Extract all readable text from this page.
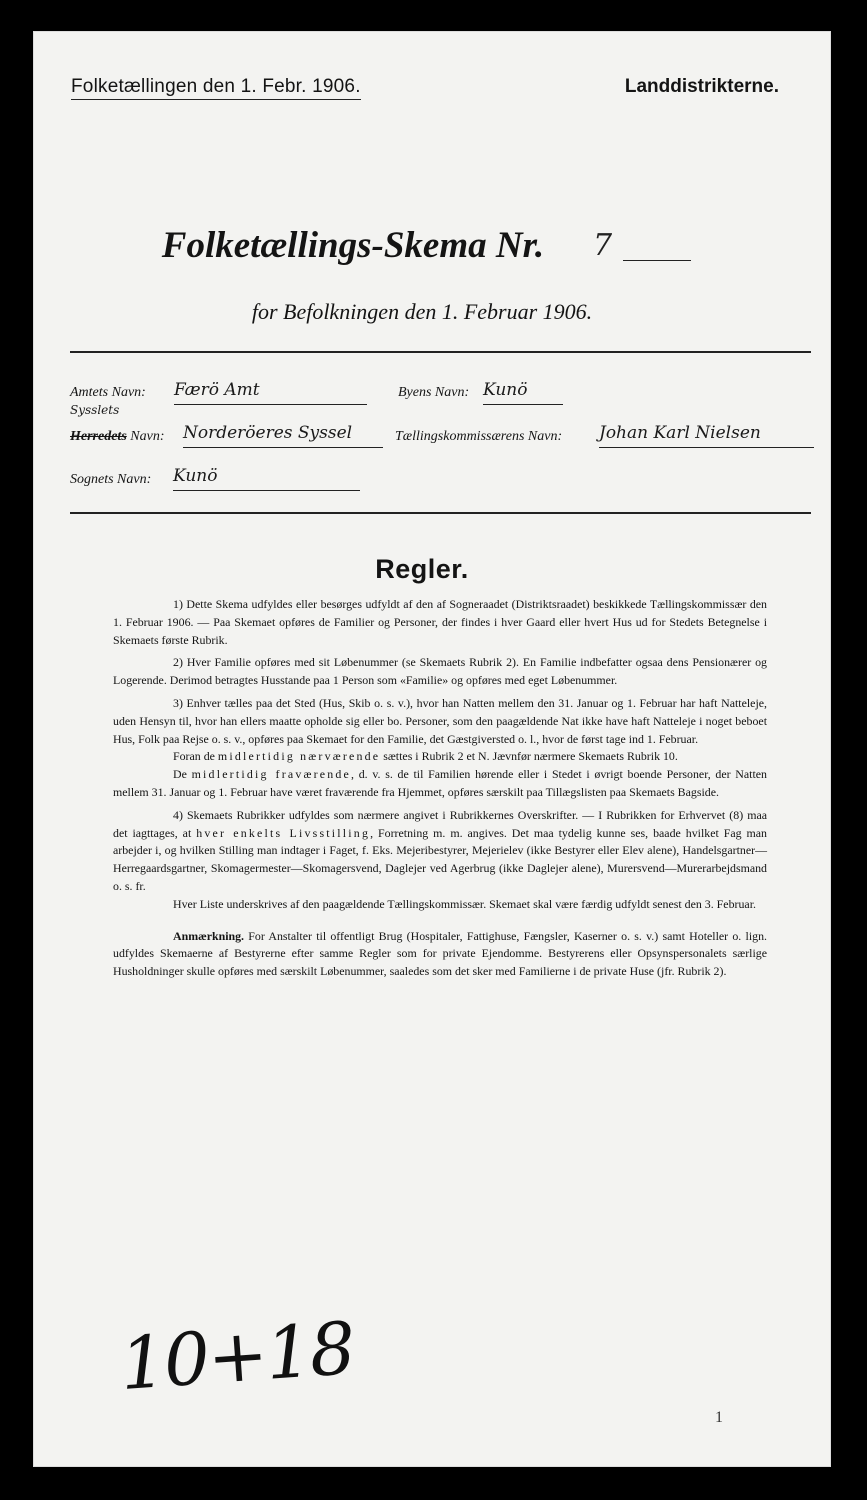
Folketællingen den 1. Febr. 1906.	Landdistrikterne.
Folketællings-Skema Nr.	7
for Befolkningen den 1. Februar 1906.
Amtets Navn: Færö Amt	Byens Navn: Kunö
Sysslets
Herredets Navn: Norderöeres Syssel	Tællingskommissærens Navn: Johan Karl Nielsen
Sognets Navn: Kunö
Regler.

1) Dette Skema udfyldes eller besørges udfyldt af den af Sogneraadet (Distriktsraadet) beskikkede Tællingskommissær den 1. Februar 1906. — Paa Skemaet opføres de Familier og Personer, der findes i hver Gaard eller hvert Hus ud for Stedets Betegnelse i Skemaets første Rubrik.

2) Hver Familie opføres med sit Løbenummer (se Skemaets Rubrik 2). En Familie indbefatter ogsaa dens Pensionærer og Logerende. Derimod betragtes Husstande paa 1 Person som «Familie» og opføres med eget Løbenummer.

3) Enhver tælles paa det Sted (Hus, Skib o. s. v.), hvor han Natten mellem den 31. Januar og 1. Februar har haft Natteleje, uden Hensyn til, hvor han ellers maatte opholde sig eller bo. Personer, som den paagældende Nat ikke have haft Natteleje i noget beboet Hus, Folk paa Rejse o. s. v., opføres paa Skemaet for den Familie, det Gæstgiversted o. l., hvor de først tage ind 1. Februar.

Foran de midlertidig nærværende sættes i Rubrik 2 et N. Jævnfør nærmere Skemaets Rubrik 10.

De midlertidig fraværende, d. v. s. de til Familien hørende eller i Stedet i øvrigt boende Personer, der Natten mellem 31. Januar og 1. Februar have været fraværende fra Hjemmet, opføres særskilt paa Tillægslisten paa Skemaets Bagside.

4) Skemaets Rubrikker udfyldes som nærmere angivet i Rubrikkernes Overskrifter. — I Rubrikken for Erhvervet (8) maa det iagttages, at hver enkelts Livsstilling, Forretning m. m. angives. Det maa tydelig kunne ses, baade hvilket Fag man arbejder i, og hvilken Stilling man indtager i Faget, f. Eks. Mejeribestyrer, Mejerielev (ikke Bestyrer eller Elev alene), Handelsgartner—Herregaardsgartner, Skomagermester—Skomagersvend, Daglejer ved Agerbrug (ikke Daglejer alene), Murersvend—Murerarbejdsmand o. s. fr.

Hver Liste underskrives af den paagældende Tællingskommissær. Skemaet skal være færdig udfyldt senest den 3. Februar.

Anmærkning. For Anstalter til offentligt Brug (Hospitaler, Fattighuse, Fængsler, Kaserner o. s. v.) samt Hoteller o. lign. udfyldes Skemaerne af Bestyrerne efter samme Regler som for private Ejendomme. Bestyrerens eller Opsynspersonalets særlige Husholdninger skulle opføres med særskilt Løbenummer, saaledes som det sker med Familierne i de private Huse (jfr. Rubrik 2).

10+18
1
